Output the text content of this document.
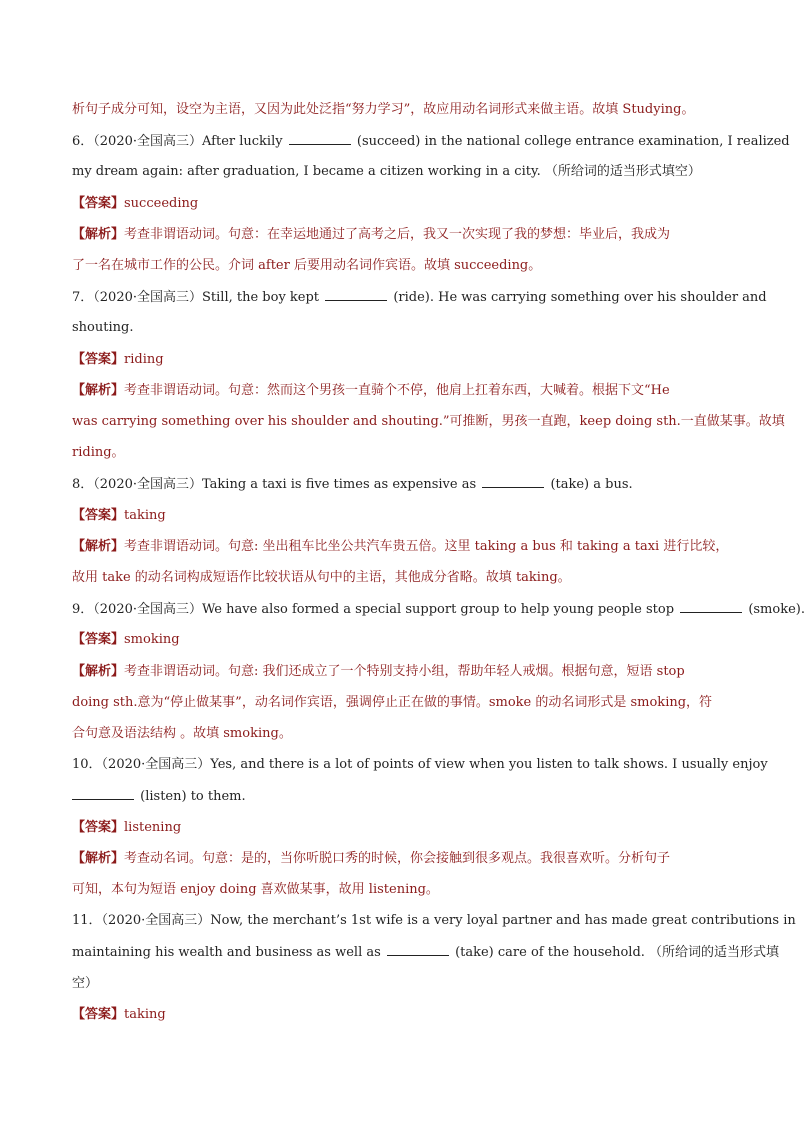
析句子成分可知，设空为主语，又因为此处泛指“努力学习”，故应用动名词形式来做主语。故填 Studying。
6．（2020·全国高三）After luckily	(succeed) in the national college entrance examination, I realized
my dream again: after graduation, I became a citizen working in a city. （所给词的适当形式填空）
【答案】succeeding
【解析】考查非谓语动词。句意：在幸运地通过了高考之后，我又一次实现了我的梦想：毕业后，我成为
了一名在城市工作的公民。介词 after 后要用动名词作宾语。故填 succeeding。
7．（2020·全国高三）Still, the boy kept	(ride). He was carrying something over his shoulder and
shouting.
【答案】riding
【解析】考查非谓语动词。句意：然而这个男孩一直骑个不停，他肩上扛着东西，大喊着。根据下文“He
was carrying something over his shoulder and shouting.”可推断，男孩一直跑，keep doing sth.一直做某事。故填
riding。
8．（2020·全国高三）Taking a taxi is five times as expensive as	(take) a bus.
【答案】taking
【解析】考查非谓语动词。句意: 坐出租车比坐公共汽车贵五倍。这里 taking a bus 和 taking a taxi 进行比较，
故用 take 的动名词构成短语作比较状语从句中的主语，其他成分省略。故填 taking。
9．（2020·全国高三）We have also formed a special support group to help young people stop	(smoke).
【答案】smoking
【解析】考查非谓语动词。句意: 我们还成立了一个特别支持小组，帮助年轻人戒烟。根据句意，短语 stop
doing sth.意为“停止做某事”，动名词作宾语，强调停止正在做的事情。smoke 的动名词形式是 smoking，符
合句意及语法结构 。故填 smoking。
10．（2020·全国高三）Yes, and there is a lot of points of view when you listen to talk shows. I usually enjoy
(listen) to them.
【答案】listening
【解析】考查动名词。句意：是的，当你听脱口秀的时候，你会接触到很多观点。我很喜欢听。分析句子
可知，本句为短语 enjoy doing 喜欢做某事，故用 listening。
11．（2020·全国高三）Now, the merchant’s 1st wife is a very loyal partner and has made great contributions in
maintaining his wealth and business as well as	(take) care of the household. （所给词的适当形式填
空）
【答案】taking
